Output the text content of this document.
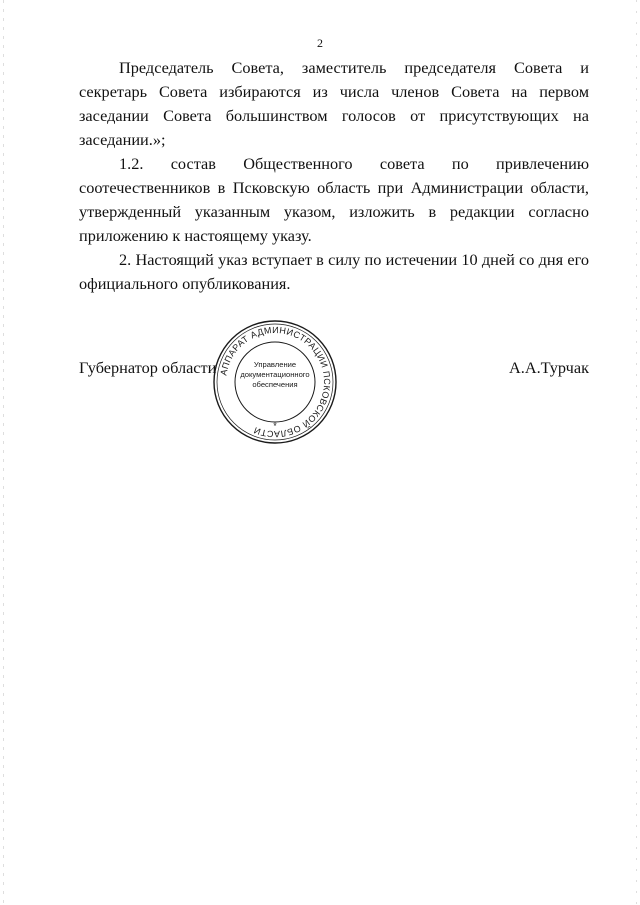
2

Председатель Совета, заместитель председателя Совета и секретарь Совета избираются из числа членов Совета на первом заседании Совета большинством голосов от присутствующих на заседании.»;

1.2. состав Общественного совета по привлечению соотечественников в Псковскую область при Администрации области, утвержденный указанным указом, изложить в редакции согласно приложению к настоящему указу.

2. Настоящий указ вступает в силу по истечении 10 дней со дня его официального опубликования.

Губернатор области	А.А.Турчак
АППАРАТ АДМИНИСТРАЦИИ ПСКОВСКОЙ ОБЛАСТИ
Управление
документационного
обеспечения
*
